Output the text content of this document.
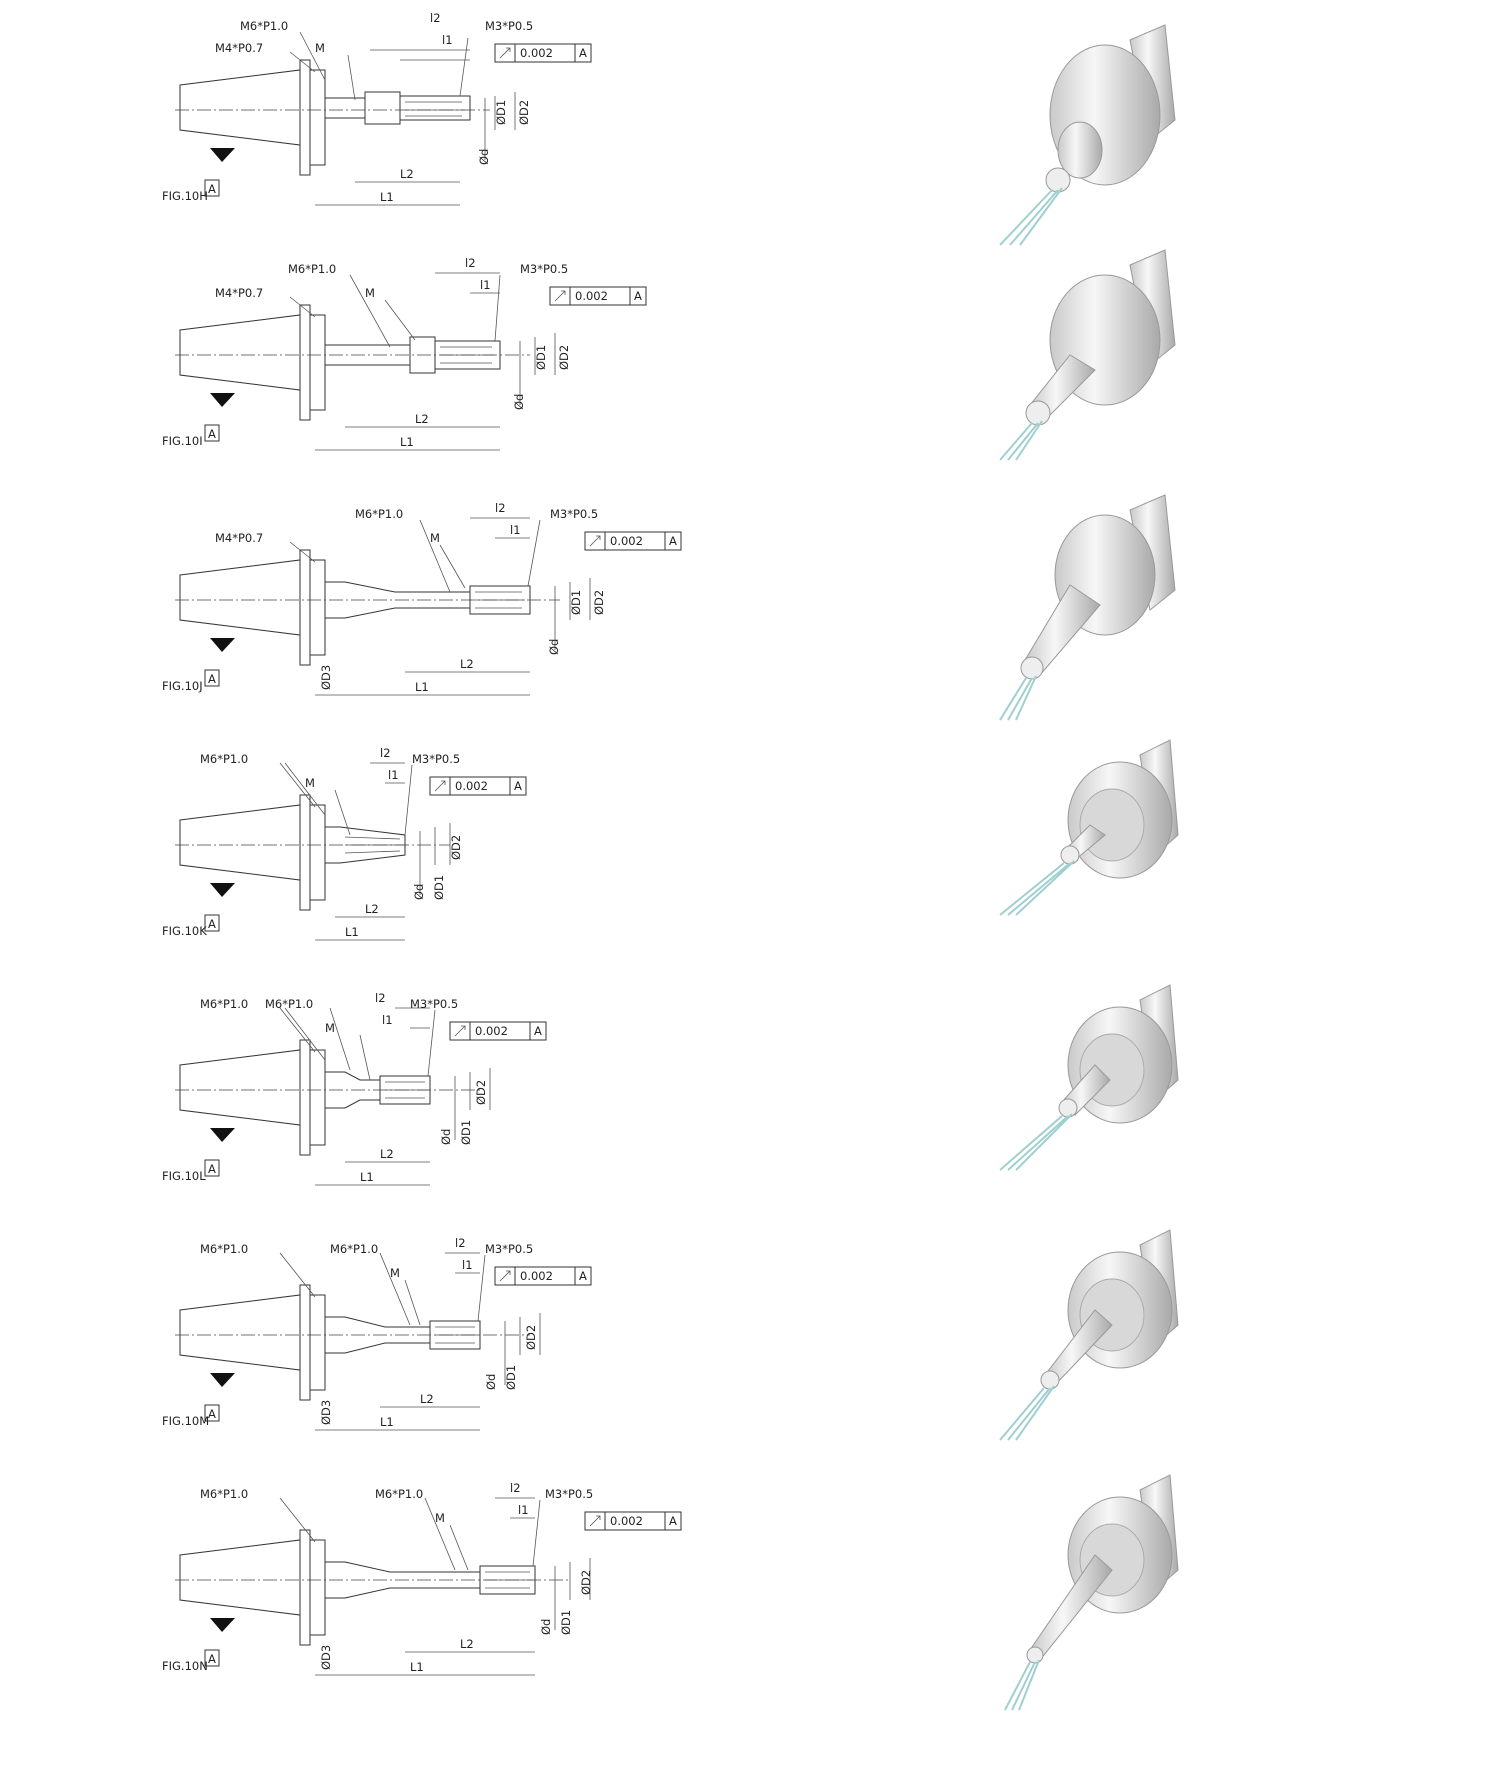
A
FIG.10H
M6*P1.0
M4*P0.7	M
l2
l1
M3*P0.5
0.002 A
ØD1 ØD2
Ød
L2
L1
A
FIG.10I
M6*P1.0
M4*P0.7	M
l2
l1
M3*P0.5
0.002 A
ØD1 ØD2
Ød
L2
L1
A
FIG.10J
M6*P1.0
M4*P0.7	M
l2
l1
M3*P0.5
0.002 A
ØD1 ØD2
Ød
ØD3
L2
L1
A
FIG.10K
M6*P1.0
M
l2
l1
M3*P0.5
0.002 A
ØD2
Ød ØD1
L2
L1
A
FIG.10L
M6*P1.0 M6*P1.0
M
l2
l1
M3*P0.5
0.002 A
ØD2
Ød ØD1
L2
L1
A
FIG.10M
M6*P1.0	M6*P1.0
M
l2
l1
M3*P0.5
0.002 A
ØD2
Ød ØD1
ØD3
L2
L1
A
FIG.10N
M6*P1.0	M6*P1.0
M
l2
l1
M3*P0.5
0.002 A
ØD2
Ød ØD1
ØD3
L2
L1
